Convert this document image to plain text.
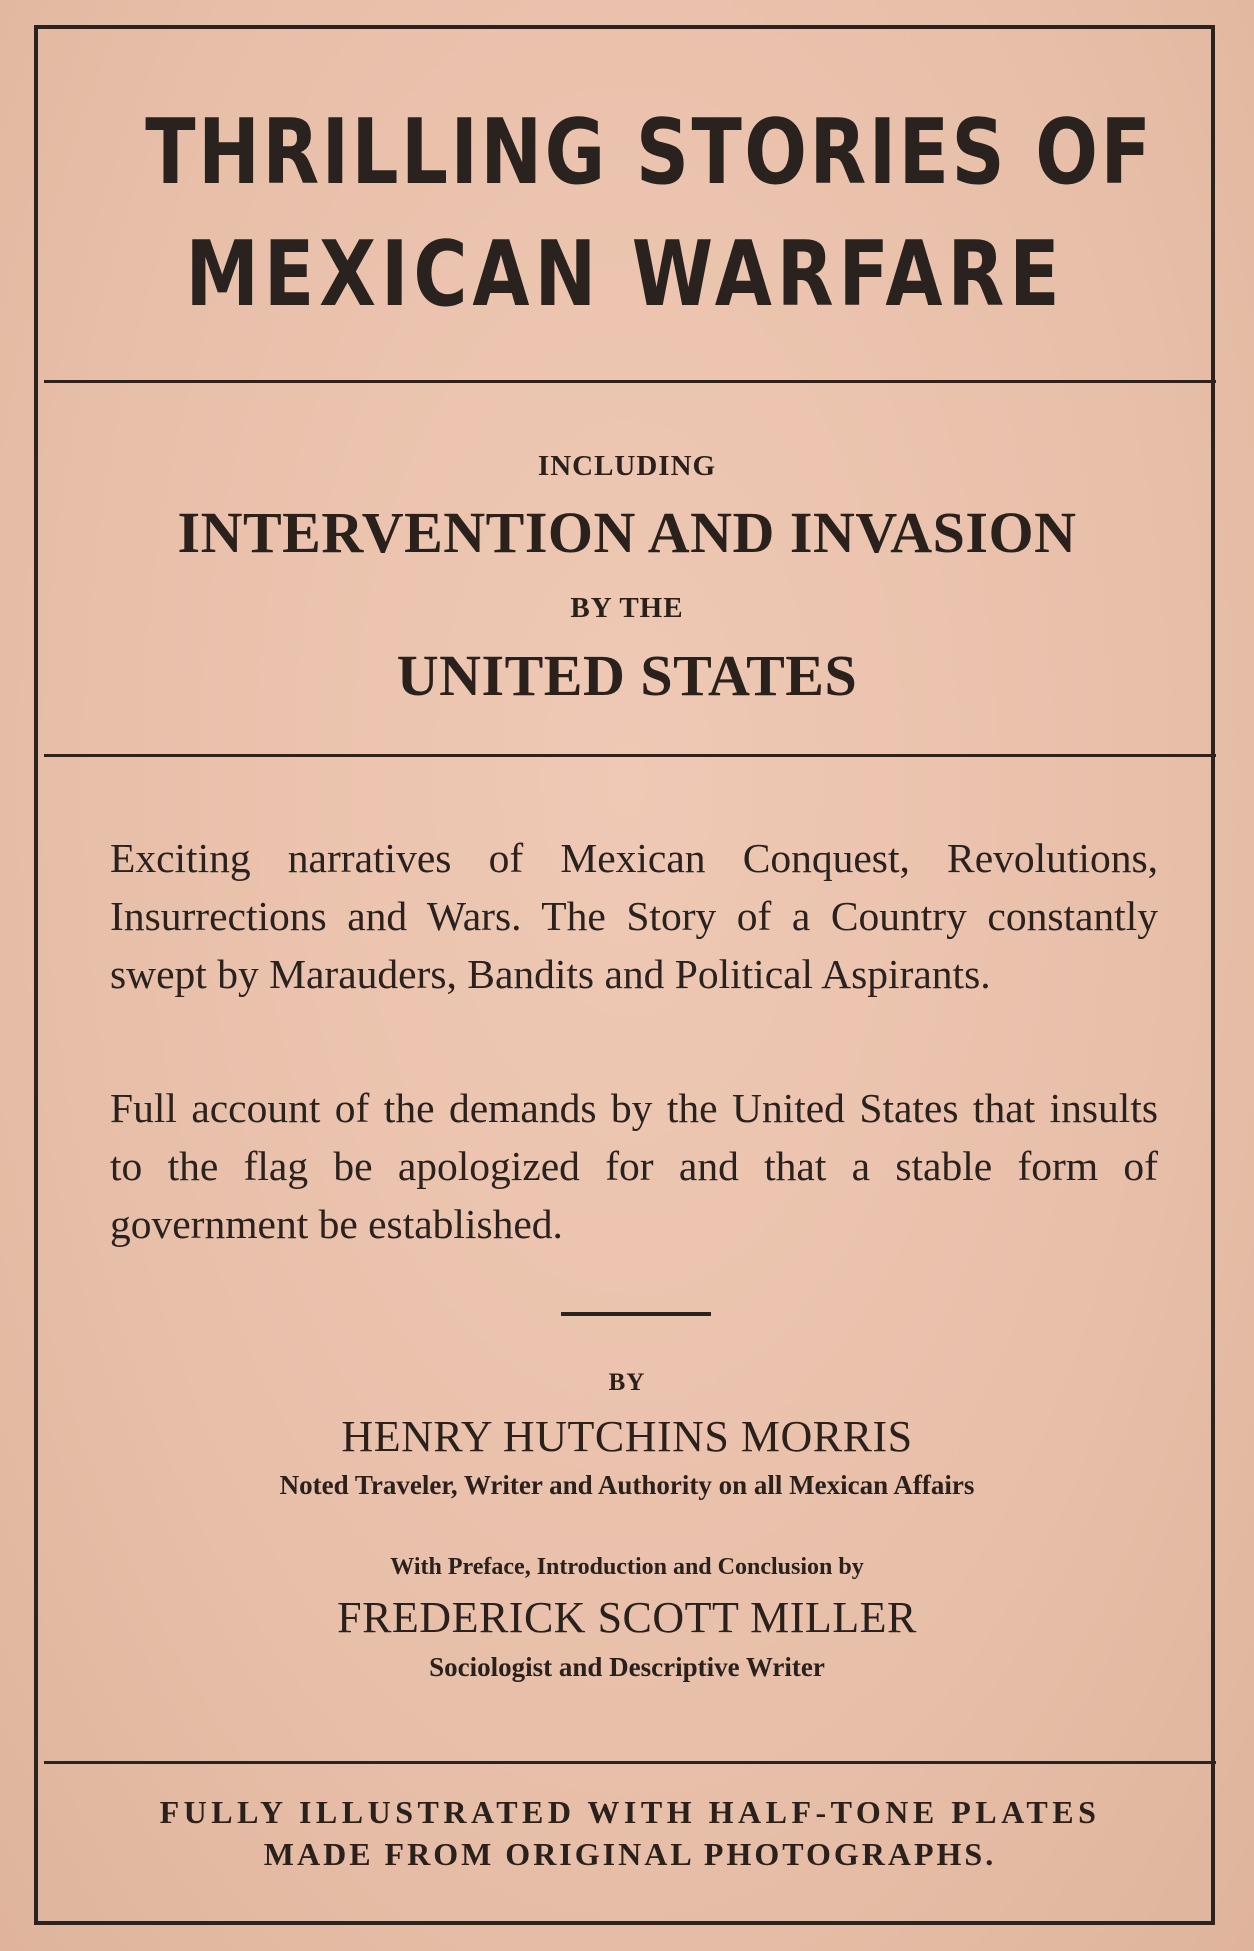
THRILLING STORIES OF
MEXICAN WARFARE
INCLUDING
INTERVENTION AND INVASION
BY THE
UNITED STATES

Exciting narratives of Mexican Conquest, Revolutions, Insurrections and Wars. The Story of a Country constantly swept by Marauders, Bandits and Political Aspirants.

Full account of the demands by the United States that insults to the flag be apologized for and that a stable form of government be established.

BY
HENRY HUTCHINS MORRIS
Noted Traveler, Writer and Authority on all Mexican Affairs
With Preface, Introduction and Conclusion by
FREDERICK SCOTT MILLER
Sociologist and Descriptive Writer
FULLY ILLUSTRATED WITH HALF-TONE PLATES
MADE FROM ORIGINAL PHOTOGRAPHS.
